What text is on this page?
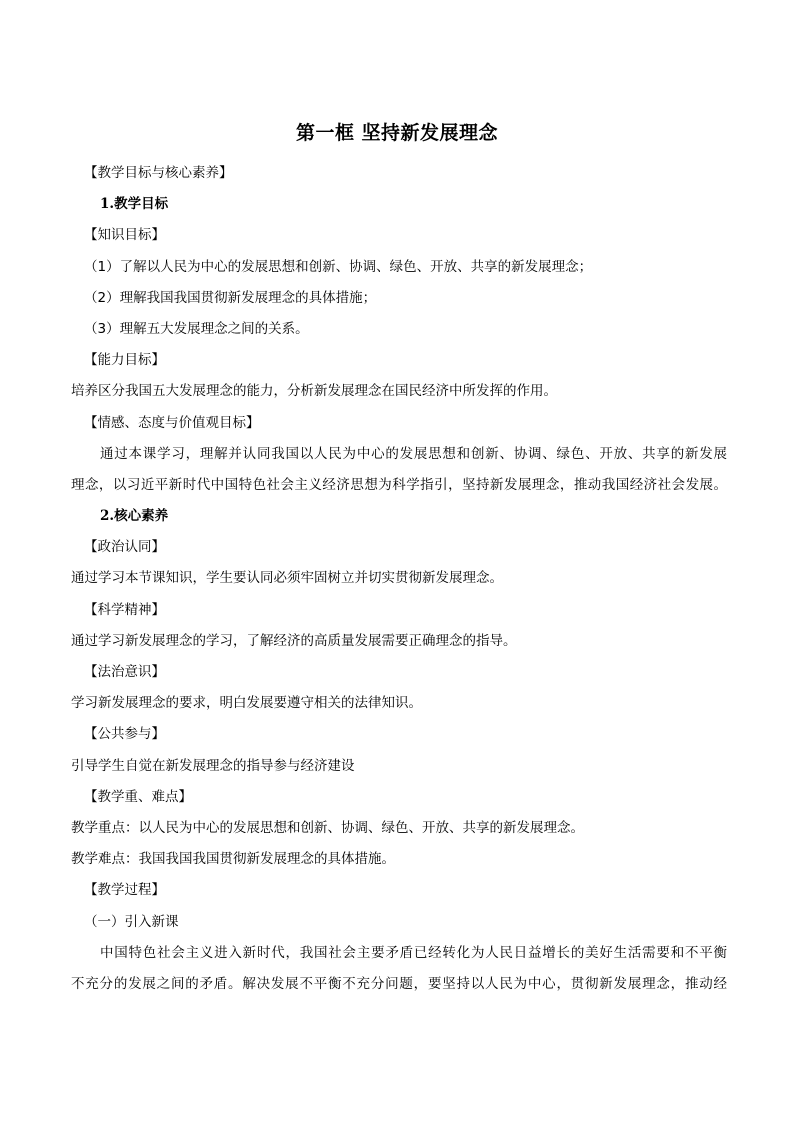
第一框 坚持新发展理念
【教学目标与核心素养】
1.教学目标
【知识目标】
（1）了解以人民为中心的发展思想和创新、协调、绿色、开放、共享的新发展理念；
（2）理解我国我国贯彻新发展理念的具体措施；
（3）理解五大发展理念之间的关系。
【能力目标】
培养区分我国五大发展理念的能力，分析新发展理念在国民经济中所发挥的作用。
【情感、态度与价值观目标】
通过本课学习，理解并认同我国以人民为中心的发展思想和创新、协调、绿色、开放、共享的新发展
理念，以习近平新时代中国特色社会主义经济思想为科学指引，坚持新发展理念，推动我国经济社会发展。
2.核心素养
【政治认同】
通过学习本节课知识，学生要认同必须牢固树立并切实贯彻新发展理念。
【科学精神】
通过学习新发展理念的学习，了解经济的高质量发展需要正确理念的指导。
【法治意识】
学习新发展理念的要求，明白发展要遵守相关的法律知识。
【公共参与】
引导学生自觉在新发展理念的指导参与经济建设
【教学重、难点】
教学重点：以人民为中心的发展思想和创新、协调、绿色、开放、共享的新发展理念。
教学难点：我国我国我国贯彻新发展理念的具体措施。
【教学过程】
（一）引入新课
中国特色社会主义进入新时代，我国社会主要矛盾已经转化为人民日益增长的美好生活需要和不平衡
不充分的发展之间的矛盾。解决发展不平衡不充分问题，要坚持以人民为中心，贯彻新发展理念，推动经
